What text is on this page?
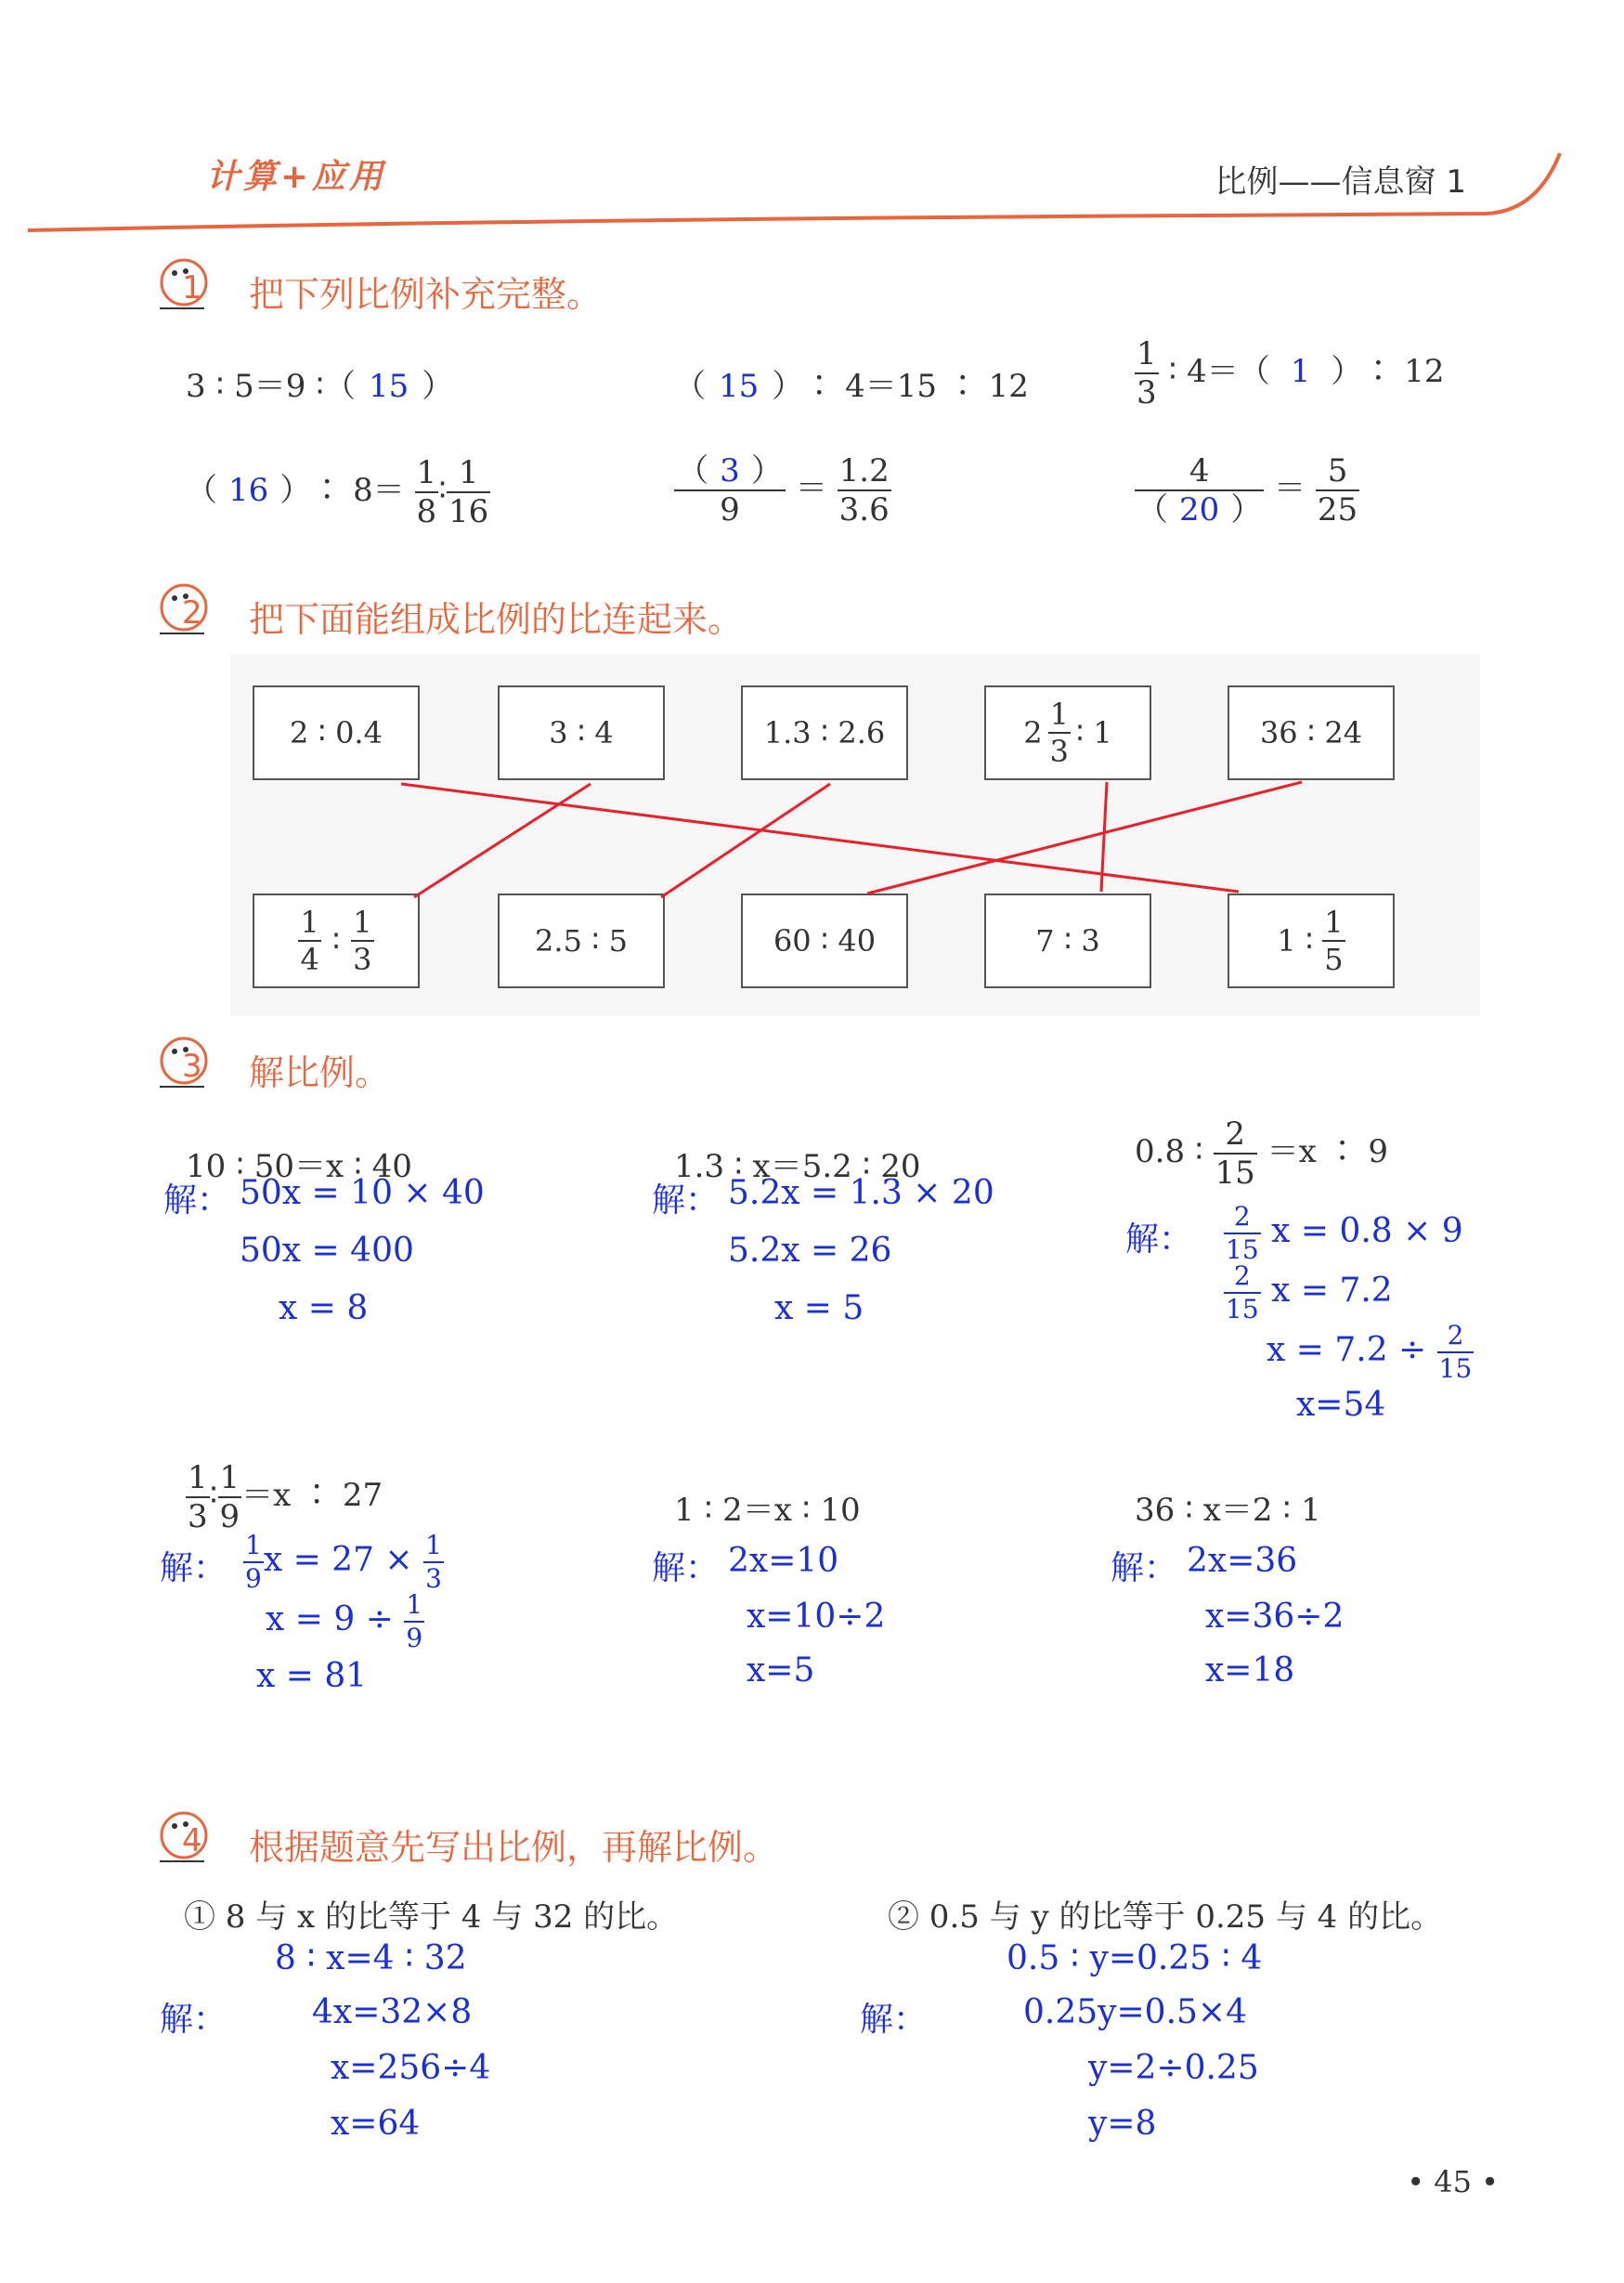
计算+应用	比例——信息窗 1
1 把下列比例补充完整。
3 ∶ 5＝9 ∶（ 15 ）	（ 15 ）∶ 4＝15 ∶ 12	$\frac{1}{3}$ ∶ 4＝（ 1 ）∶ 12
（ 16 ）∶ $8= \frac{1}{8}$ ∶ $\frac{1}{16}$	$\frac{( 3 )}{9} = \frac{1.2}{3.6}$	$\frac{4}{( 20 )} = \frac{5}{25}$
2 把下面能组成比例的比连起来。
2 ∶ 0.4	3 ∶ 4	1.3 ∶ 2.6	$2 \frac{1}{3}$ ∶ 1	36 ∶ 24
$\frac{1}{4}$ ∶ $\frac{1}{3}$	2.5 ∶ 5	60 ∶ 40	7 ∶ 3	1 ∶ $\frac{1}{5}$
3 解比例。
10 ∶ 50＝x ∶ 40
解： 50x = 10 × 40
50x = 400
x = 8
1.3 ∶ x＝5.2 ∶ 20
解： 5.2x = 1.3 × 20
5.2x = 26
x = 5
0.8 ∶ $\frac{2}{15} =x$ ∶ 9
解： $\frac{2}{15}$ x = 0.8 × 9
$\frac{2}{15}$ x = 7.2
$x = 7.2 \div \frac{2}{15}$
x=54
$\frac{1}{3}$ ∶ $\frac{1}{9} =x$ ∶ 27
解： $\frac{1}{9}$ $x = 27 \times \frac{1}{3}$
$x = 9 \div \frac{1}{9}$
x = 81
1 ∶ 2＝x ∶ 10
解： 2x=10
x=10÷2
x=5
36 ∶ x＝2 ∶ 1
解： 2x=36
x=36÷2
x=18
4 根据题意先写出比例，再解比例。
① 8 与 x 的比等于 4 与 32 的比。
8 ∶ x=4 ∶ 32
解：	4x=32×8
x=256÷4
x=64
② 0.5 与 y 的比等于 0.25 与 4 的比。
0.5 ∶ y=0.25 ∶ 4
解：	0.25y=0.5×4
y=2÷0.25
y=8
• 45 •
